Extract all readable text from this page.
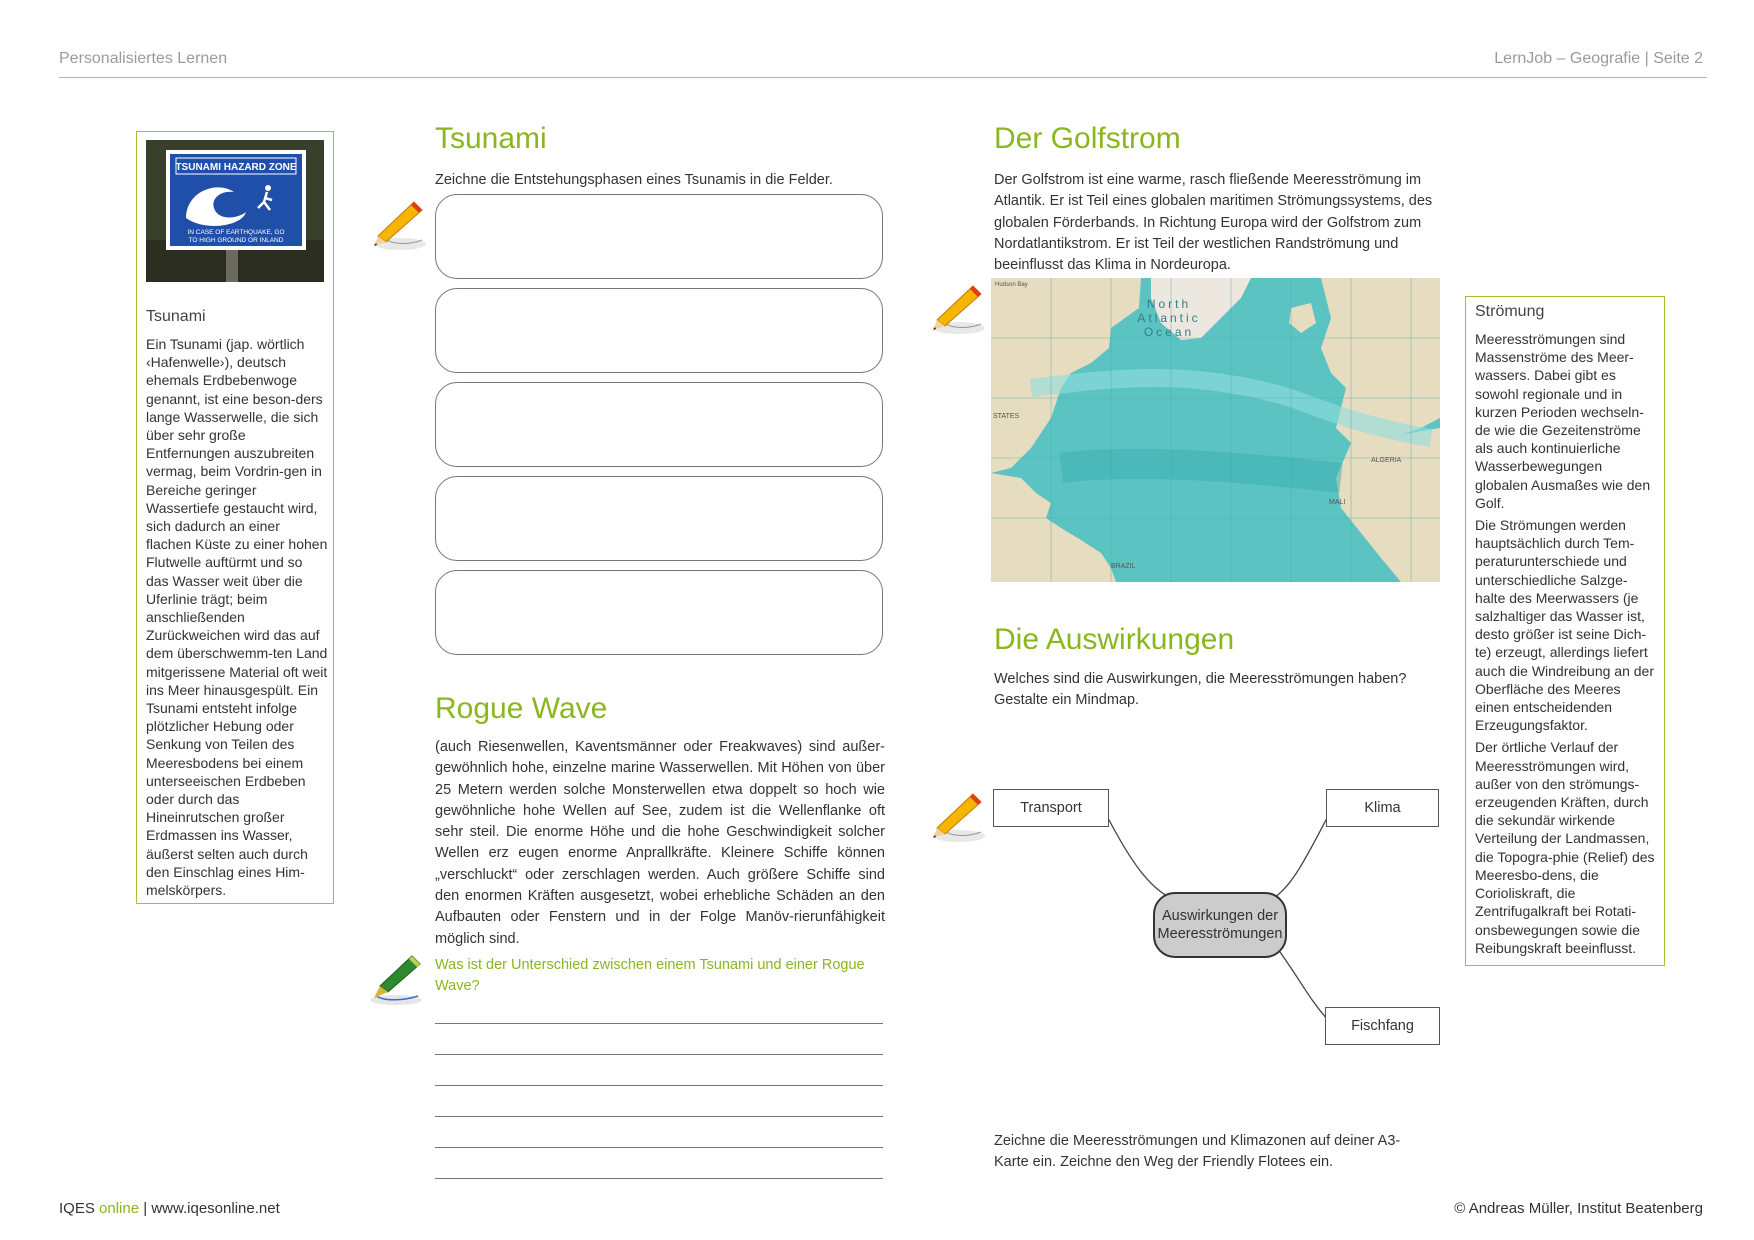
Personalisiertes Lernen	LernJob – Geografie | Seite 2
TSUNAMI HAZARD ZONE
IN CASE OF EARTHQUAKE, GO
TO HIGH GROUND OR INLAND
Tsunami
Ein Tsunami (jap. wörtlich ‹Hafenwelle›), deutsch ehemals Erdbebenwoge genannt, ist eine beson-ders lange Wasserwelle, die sich über sehr große Entfernungen auszubreiten vermag, beim Vordrin-gen in Bereiche geringer Wassertiefe gestaucht wird, sich dadurch an einer flachen Küste zu einer hohen Flutwelle auftürmt und so das Wasser weit über die Uferlinie trägt; beim anschließenden Zurückweichen wird das auf dem überschwemm-ten Land mitgerissene Material oft weit ins Meer hinausgespült. Ein Tsunami entsteht infolge plötzlicher Hebung oder Senkung von Teilen des Meeresbodens bei einem unterseeischen Erdbeben oder durch das Hineinrutschen großer Erdmassen ins Wasser, äußerst selten auch durch den Einschlag eines Him-melskörpers.
Tsunami
Zeichne die Entstehungsphasen eines Tsunamis in die Felder.
Rogue Wave
(auch Riesenwellen, Kaventsmänner oder Freakwaves) sind außer-gewöhnlich hohe, einzelne marine Wasserwellen. Mit Höhen von über 25 Metern werden solche Monsterwellen etwa doppelt so hoch wie gewöhnliche hohe Wellen auf See, zudem ist die Wellenflanke oft sehr steil. Die enorme Höhe und die hohe Geschwindigkeit solcher Wellen erz eugen enorme Anprallkräfte. Kleinere Schiffe können „verschluckt“ oder zerschlagen werden. Auch größere Schiffe sind den enormen Kräften ausgesetzt, wobei erhebliche Schäden an den Aufbauten oder Fenstern und in der Folge Manöv-rierunfähigkeit möglich sind.
Was ist der Unterschied zwischen einem Tsunami und einer Rogue Wave?
Der Golfstrom
Der Golfstrom ist eine warme, rasch fließende Meeresströmung im Atlantik. Er ist Teil eines globalen maritimen Strömungssystems, des globalen Förderbands. In Richtung Europa wird der Golfstrom zum Nordatlantikstrom. Er ist Teil der westlichen Randströmung und beeinflusst das Klima in Nordeuropa.
North
Atlantic
Ocean
Hudson Bay
STATES
ALGERIA
MALI
BRAZIL
Die Auswirkungen
Welches sind die Auswirkungen, die Meeresströmungen haben? Gestalte ein Mindmap.
Transport	Klima
Fischfang
Auswirkungen der Meeresströmungen
Zeichne die Meeresströmungen und Klimazonen auf deiner A3-Karte ein. Zeichne den Weg der Friendly Flotees ein.
Strömung

Meeresströmungen sind Massenströme des Meer-wassers. Dabei gibt es sowohl regionale und in kurzen Perioden wechseln-de wie die Gezeitenströme als auch kontinuierliche Wasserbewegungen globalen Ausmaßes wie den Golf.

Die Strömungen werden hauptsächlich durch Tem-peraturunterschiede und unterschiedliche Salzge-halte des Meerwassers (je salzhaltiger das Wasser ist, desto größer ist seine Dich-te) erzeugt, allerdings liefert auch die Windreibung an der Oberfläche des Meeres einen entscheidenden Erzeugungsfaktor.

Der örtliche Verlauf der Meeresströmungen wird, außer von den strömungs-erzeugenden Kräften, durch die sekundär wirkende Verteilung der Landmassen, die Topogra-phie (Relief) des Meeresbo-dens, die Corioliskraft, die Zentrifugalkraft bei Rotati-onsbewegungen sowie die Reibungskraft beeinflusst.

IQES online | www.iqesonline.net	© Andreas Müller, Institut Beatenberg
